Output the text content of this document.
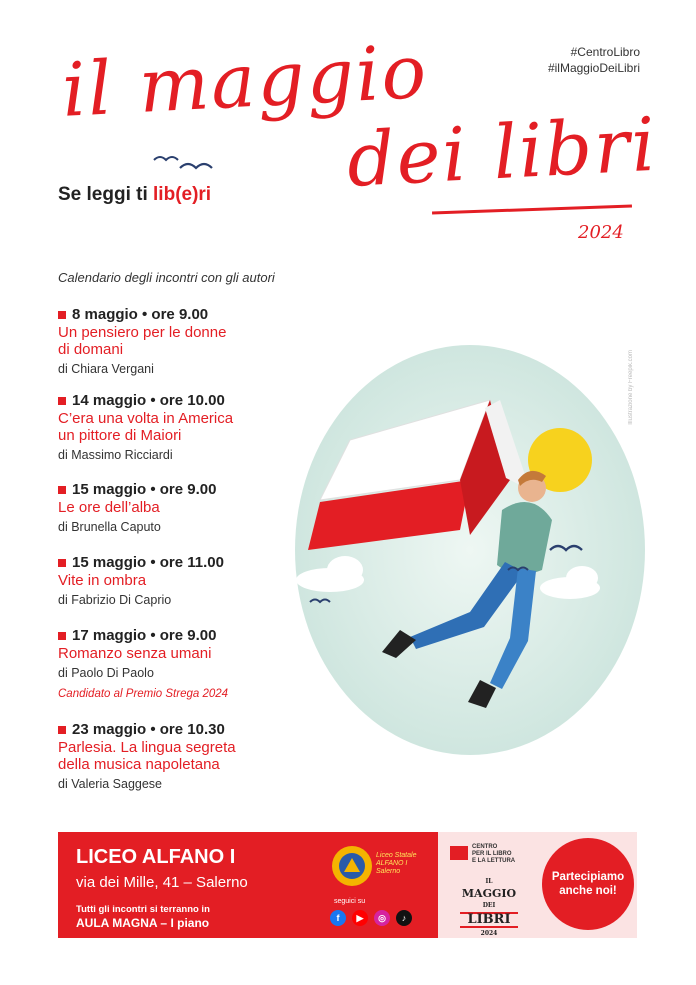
#CentroLibro
#ilMaggioDeiLibri
il maggio
dei libri
2024
Se leggi ti lib(e)ri
Calendario degli incontri con gli autori
8 maggio • ore 9.00
Un pensiero per le donne
di domani
di Chiara Vergani
14 maggio • ore 10.00
C’era una volta in America
un pittore di Maiori
di Massimo Ricciardi
15 maggio • ore 9.00
Le ore dell’alba
di Brunella Caputo
15 maggio • ore 11.00
Vite in ombra
di Fabrizio Di Caprio
17 maggio • ore 9.00
Romanzo senza umani
di Paolo Di Paolo
Candidato al Premio Strega 2024
23 maggio • ore 10.30
Parlesia. La lingua segreta
della musica napoletana
di Valeria Saggese
Illustrazione by Freepik.com
LICEO ALFANO I
via dei Mille, 41 – Salerno
Tutti gli incontri si terranno in
AULA MAGNA – I piano
Liceo Statale
ALFANO I
Salerno
seguici su
f	▶	◎	♪
CENTRO
PER IL LIBRO
E LA LETTURA
IL
MAGGIO
DEI
LIBRI
2024
Partecipiamo
anche noi!
